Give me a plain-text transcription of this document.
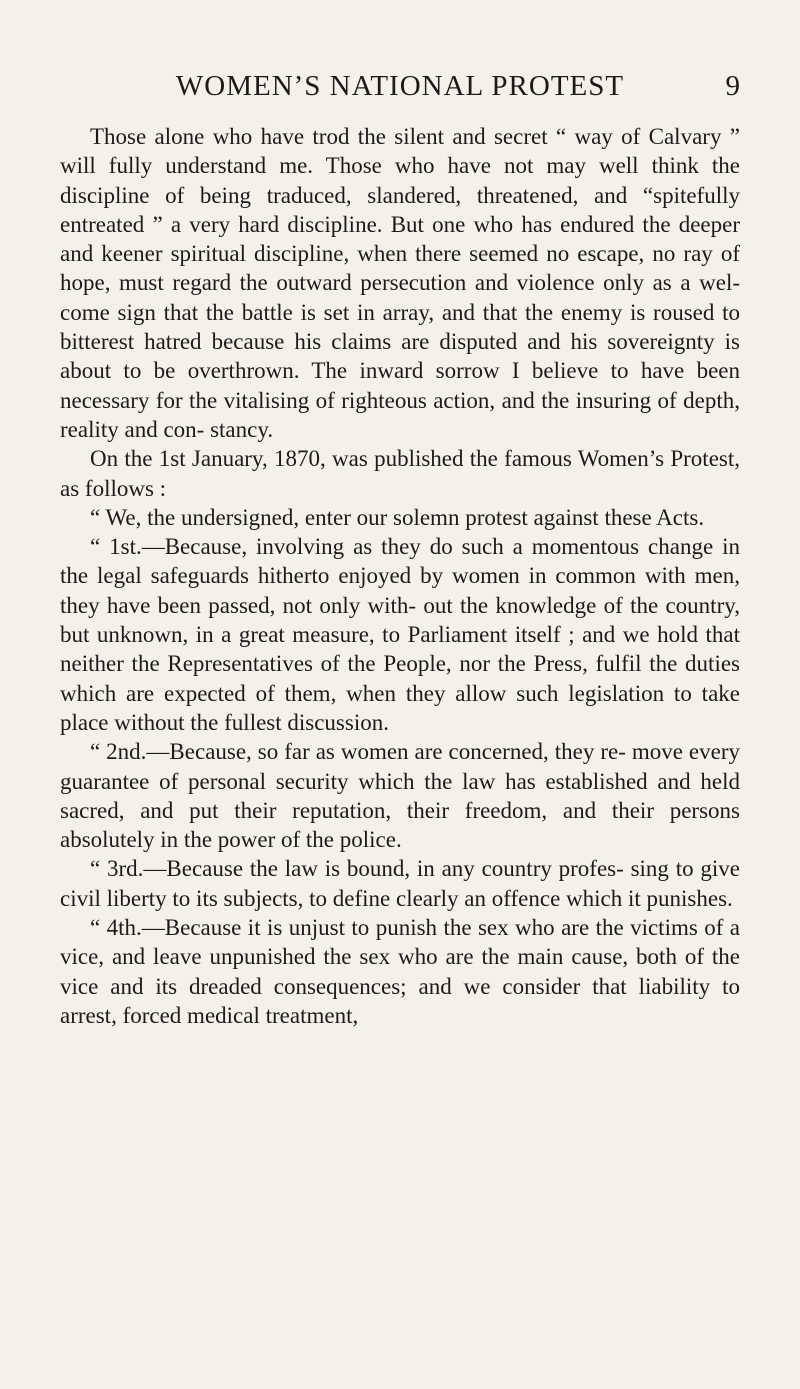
WOMEN’S NATIONAL PROTEST	9

Those alone who have trod the silent and secret “ way of Calvary ” will fully understand me. Those who have not may well think the discipline of being traduced, slandered, threatened, and “spitefully entreated ” a very hard discipline. But one who has endured the deeper and keener spiritual discipline, when there seemed no escape, no ray of hope, must regard the outward persecution and violence only as a wel- come sign that the battle is set in array, and that the enemy is roused to bitterest hatred because his claims are disputed and his sovereignty is about to be overthrown. The inward sorrow I believe to have been necessary for the vitalising of righteous action, and the insuring of depth, reality and con- stancy.

On the 1st January, 1870, was published the famous Women’s Protest, as follows :

“ We, the undersigned, enter our solemn protest against these Acts.

“ 1st.—Because, involving as they do such a momentous change in the legal safeguards hitherto enjoyed by women in common with men, they have been passed, not only with- out the knowledge of the country, but unknown, in a great measure, to Parliament itself ; and we hold that neither the Representatives of the People, nor the Press, fulfil the duties which are expected of them, when they allow such legislation to take place without the fullest discussion.

“ 2nd.—Because, so far as women are concerned, they re- move every guarantee of personal security which the law has established and held sacred, and put their reputation, their freedom, and their persons absolutely in the power of the police.

“ 3rd.—Because the law is bound, in any country profes- sing to give civil liberty to its subjects, to define clearly an offence which it punishes.

“ 4th.—Because it is unjust to punish the sex who are the victims of a vice, and leave unpunished the sex who are the main cause, both of the vice and its dreaded consequences; and we consider that liability to arrest, forced medical treatment,
